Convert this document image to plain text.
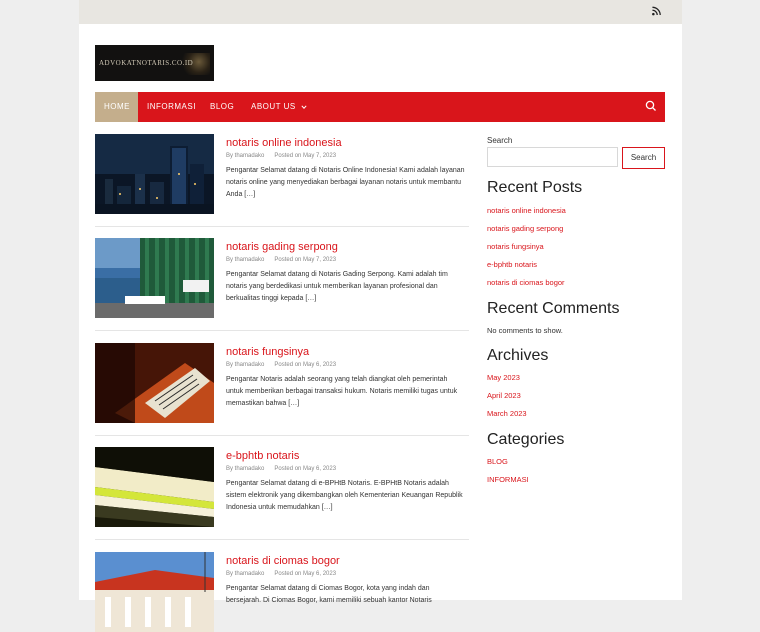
ADVOKATNOTARIS.CO.ID
HOME	INFORMASI	BLOG	ABOUT US
notaris online indonesia
By thamadako Posted on May 7, 2023
Pengantar Selamat datang di Notaris Online Indonesia! Kami adalah layanan notaris online yang menyediakan berbagai layanan notaris untuk membantu Anda […]
notaris gading serpong
By thamadako Posted on May 7, 2023
Pengantar Selamat datang di Notaris Gading Serpong. Kami adalah tim notaris yang berdedikasi untuk memberikan layanan profesional dan berkualitas tinggi kepada […]
notaris fungsinya
By thamadako Posted on May 6, 2023
Pengantar Notaris adalah seorang yang telah diangkat oleh pemerintah untuk memberikan berbagai transaksi hukum. Notaris memiliki tugas untuk memastikan bahwa […]
e-bphtb notaris
By thamadako Posted on May 6, 2023
Pengantar Selamat datang di e-BPHtB Notaris. E-BPHtB Notaris adalah sistem elektronik yang dikembangkan oleh Kementerian Keuangan Republik Indonesia untuk memudahkan […]
notaris di ciomas bogor
By thamadako Posted on May 6, 2023
Pengantar Selamat datang di Ciomas Bogor, kota yang indah dan bersejarah. Di Ciomas Bogor, kami memiliki sebuah kantor Notaris
Search
Search
Recent Posts
notaris online indonesia
notaris gading serpong
notaris fungsinya
e-bphtb notaris
notaris di ciomas bogor
Recent Comments
No comments to show.
Archives
May 2023
April 2023
March 2023
Categories
BLOG
INFORMASI
